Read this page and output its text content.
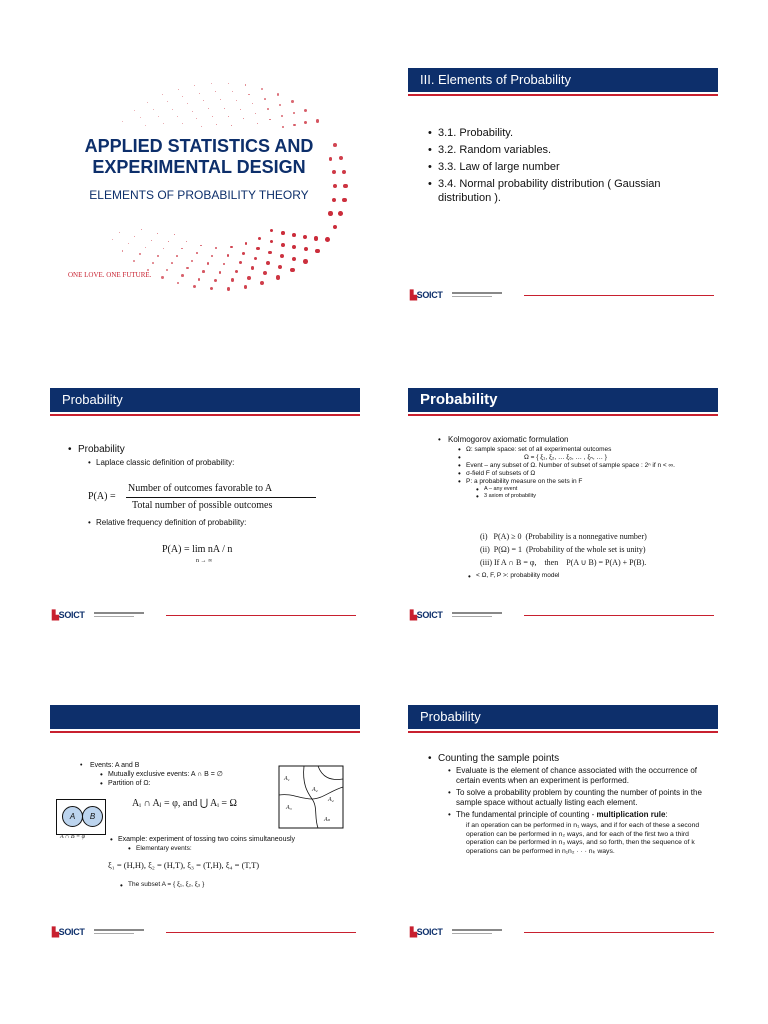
APPLIED STATISTICS AND EXPERIMENTAL DESIGN
ELEMENTS OF PROBABILITY THEORY
ONE LOVE. ONE FUTURE.
III. Elements of Probability
• 3.1. Probability.
• 3.2. Random variables.
• 3.3. Law of large number
• 3.4. Normal probability distribution ( Gaussian distribution ).
▙SOICT
Probability
• Probability
• Laplace classic definition of probability:
P(A) =
Number of outcomes favorable to A
Total number of possible outcomes
• Relative frequency definition of probability:
P(A) = lim nA / n
n → ∞
▙SOICT
Probability
• Kolmogorov axiomatic formulation
• Ω: sample space: set of all experimental outcomes
• Ω = { ξ₁, ξ₂, … ξ₆, … , ξₙ, … }
• Event – any subset of Ω. Number of subset of sample space : 2ⁿ if n < ∞.
• σ-field F of subsets of Ω
• P: a probability measure on the sets in F
• A – any event
• 3 axiom of probability
(i)   P(A) ≥ 0  (Probability is a nonnegative number)
(ii)  P(Ω) = 1  (Probability of the whole set is unity)
(iii) If A ∩ B = φ,    then    P(A ∪ B) = P(A) + P(B).
• < Ω, F, P >: probability model
▙SOICT
• Events: A and B
• Mutually exclusive events: A ∩ B = ∅
• Partition of Ω:
Aᵢ ∩ Aⱼ = φ, and ⋃ Aᵢ = Ω
A	B
A ∩ B = φ
A₁
A₂
A₃
A₄
Aₙ
• Example: experiment of tossing two coins simultaneously
• Elementary events:
ξ₁ = (H,H), ξ₂ = (H,T), ξ₃ = (T,H), ξ₄ = (T,T)
• The subset A = { ξ₁, ξ₂, ξ₃ }
▙SOICT
Probability
• Counting the sample points
• Evaluate is the element of chance associated with the occurrence of certain events when an experiment is performed.
• To solve a probability problem by counting the number of points in the sample space without actually listing each element.
• The fundamental principle of counting - multiplication rule:
if an operation can be performed in n₁ ways, and if for each of these a second operation can be performed in n₂ ways, and for each of the first two a third operation can be performed in n₃ ways, and so forth, then the sequence of k operations can be performed in n₁n₂ · · · nₖ ways.
▙SOICT
